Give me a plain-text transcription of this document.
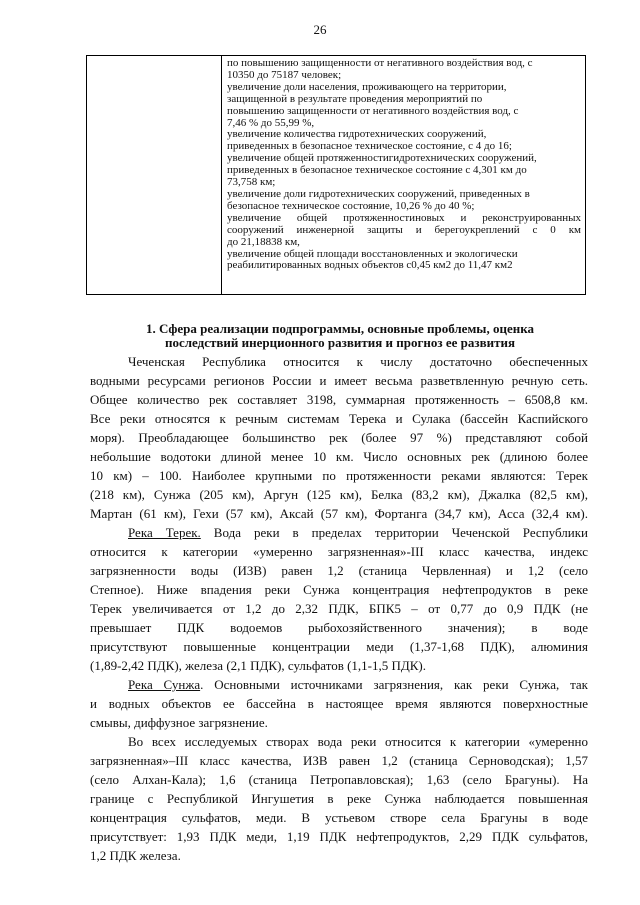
26
по повышению защищенности от негативного воздействия вод, с
10350 до 75187 человек;
увеличение доли населения, проживающего на территории,
защищенной в результате проведения мероприятий по
повышению защищенности от негативного воздействия вод, с
7,46 % до 55,99 %,
увеличение количества гидротехнических сооружений,
приведенных в безопасное техническое состояние, с 4 до 16;
увеличение общей протяженностигидротехнических сооружений,
приведенных в безопасное техническое состояние с 4,301 км до
73,758 км;
увеличение доли гидротехнических сооружений, приведенных в
безопасное техническое состояние, 10,26 % до 40 %;
увеличение общей протяженностиновых и реконструированных
сооружений инженерной защиты и берегоукреплений с 0 км
до 21,18838 км,
увеличение общей площади восстановленных и экологически
реабилитированных водных объектов с0,45 км2 до 11,47 км2
1. Сфера реализации подпрограммы, основные проблемы, оценка
последствий инерционного развития и прогноз ее развития
Чеченская Республика относится к числу достаточно обеспеченных
водными ресурсами регионов России и имеет весьма разветвленную речную сеть.
Общее количество рек составляет 3198, суммарная протяженность – 6508,8 км.
Все реки относятся к речным системам Терека и Сулака (бассейн Каспийского
моря). Преобладающее большинство рек (более 97 %) представляют собой
небольшие водотоки длиной менее 10 км. Число основных рек (длиною более
10 км) – 100. Наиболее крупными по протяженности реками являются: Терек
(218 км), Сунжа (205 км), Аргун (125 км), Белка (83,2 км), Джалка (82,5 км),
Мартан (61 км), Гехи (57 км), Аксай (57 км), Фортанга (34,7 км), Асса (32,4 км).
Река Терек. Вода реки в пределах территории Чеченской Республики
относится к категории «умеренно загрязненная»-III класс качества, индекс
загрязненности воды (ИЗВ) равен 1,2 (станица Червленная) и 1,2 (село
Степное). Ниже впадения реки Сунжа концентрация нефтепродуктов в реке
Терек увеличивается от 1,2 до 2,32 ПДК, БПК5 – от 0,77 до 0,9 ПДК (не
превышает ПДК водоемов рыбохозяйственного значения); в воде
присутствуют повышенные концентрации меди (1,37-1,68 ПДК), алюминия
(1,89-2,42 ПДК), железа (2,1 ПДК), сульфатов (1,1-1,5 ПДК).
Река Сунжа. Основными источниками загрязнения, как реки Сунжа, так
и водных объектов ее бассейна в настоящее время являются поверхностные
смывы, диффузное загрязнение.
Во всех исследуемых створах вода реки относится к категории «умеренно
загрязненная»–III класс качества, ИЗВ равен 1,2 (станица Серноводская); 1,57
(село Алхан-Кала); 1,6 (станица Петропавловская); 1,63 (село Брагуны). На
границе с Республикой Ингушетия в реке Сунжа наблюдается повышенная
концентрация сульфатов, меди. В устьевом створе села Брагуны в воде
присутствует: 1,93 ПДК меди, 1,19 ПДК нефтепродуктов, 2,29 ПДК сульфатов,
1,2 ПДК железа.
